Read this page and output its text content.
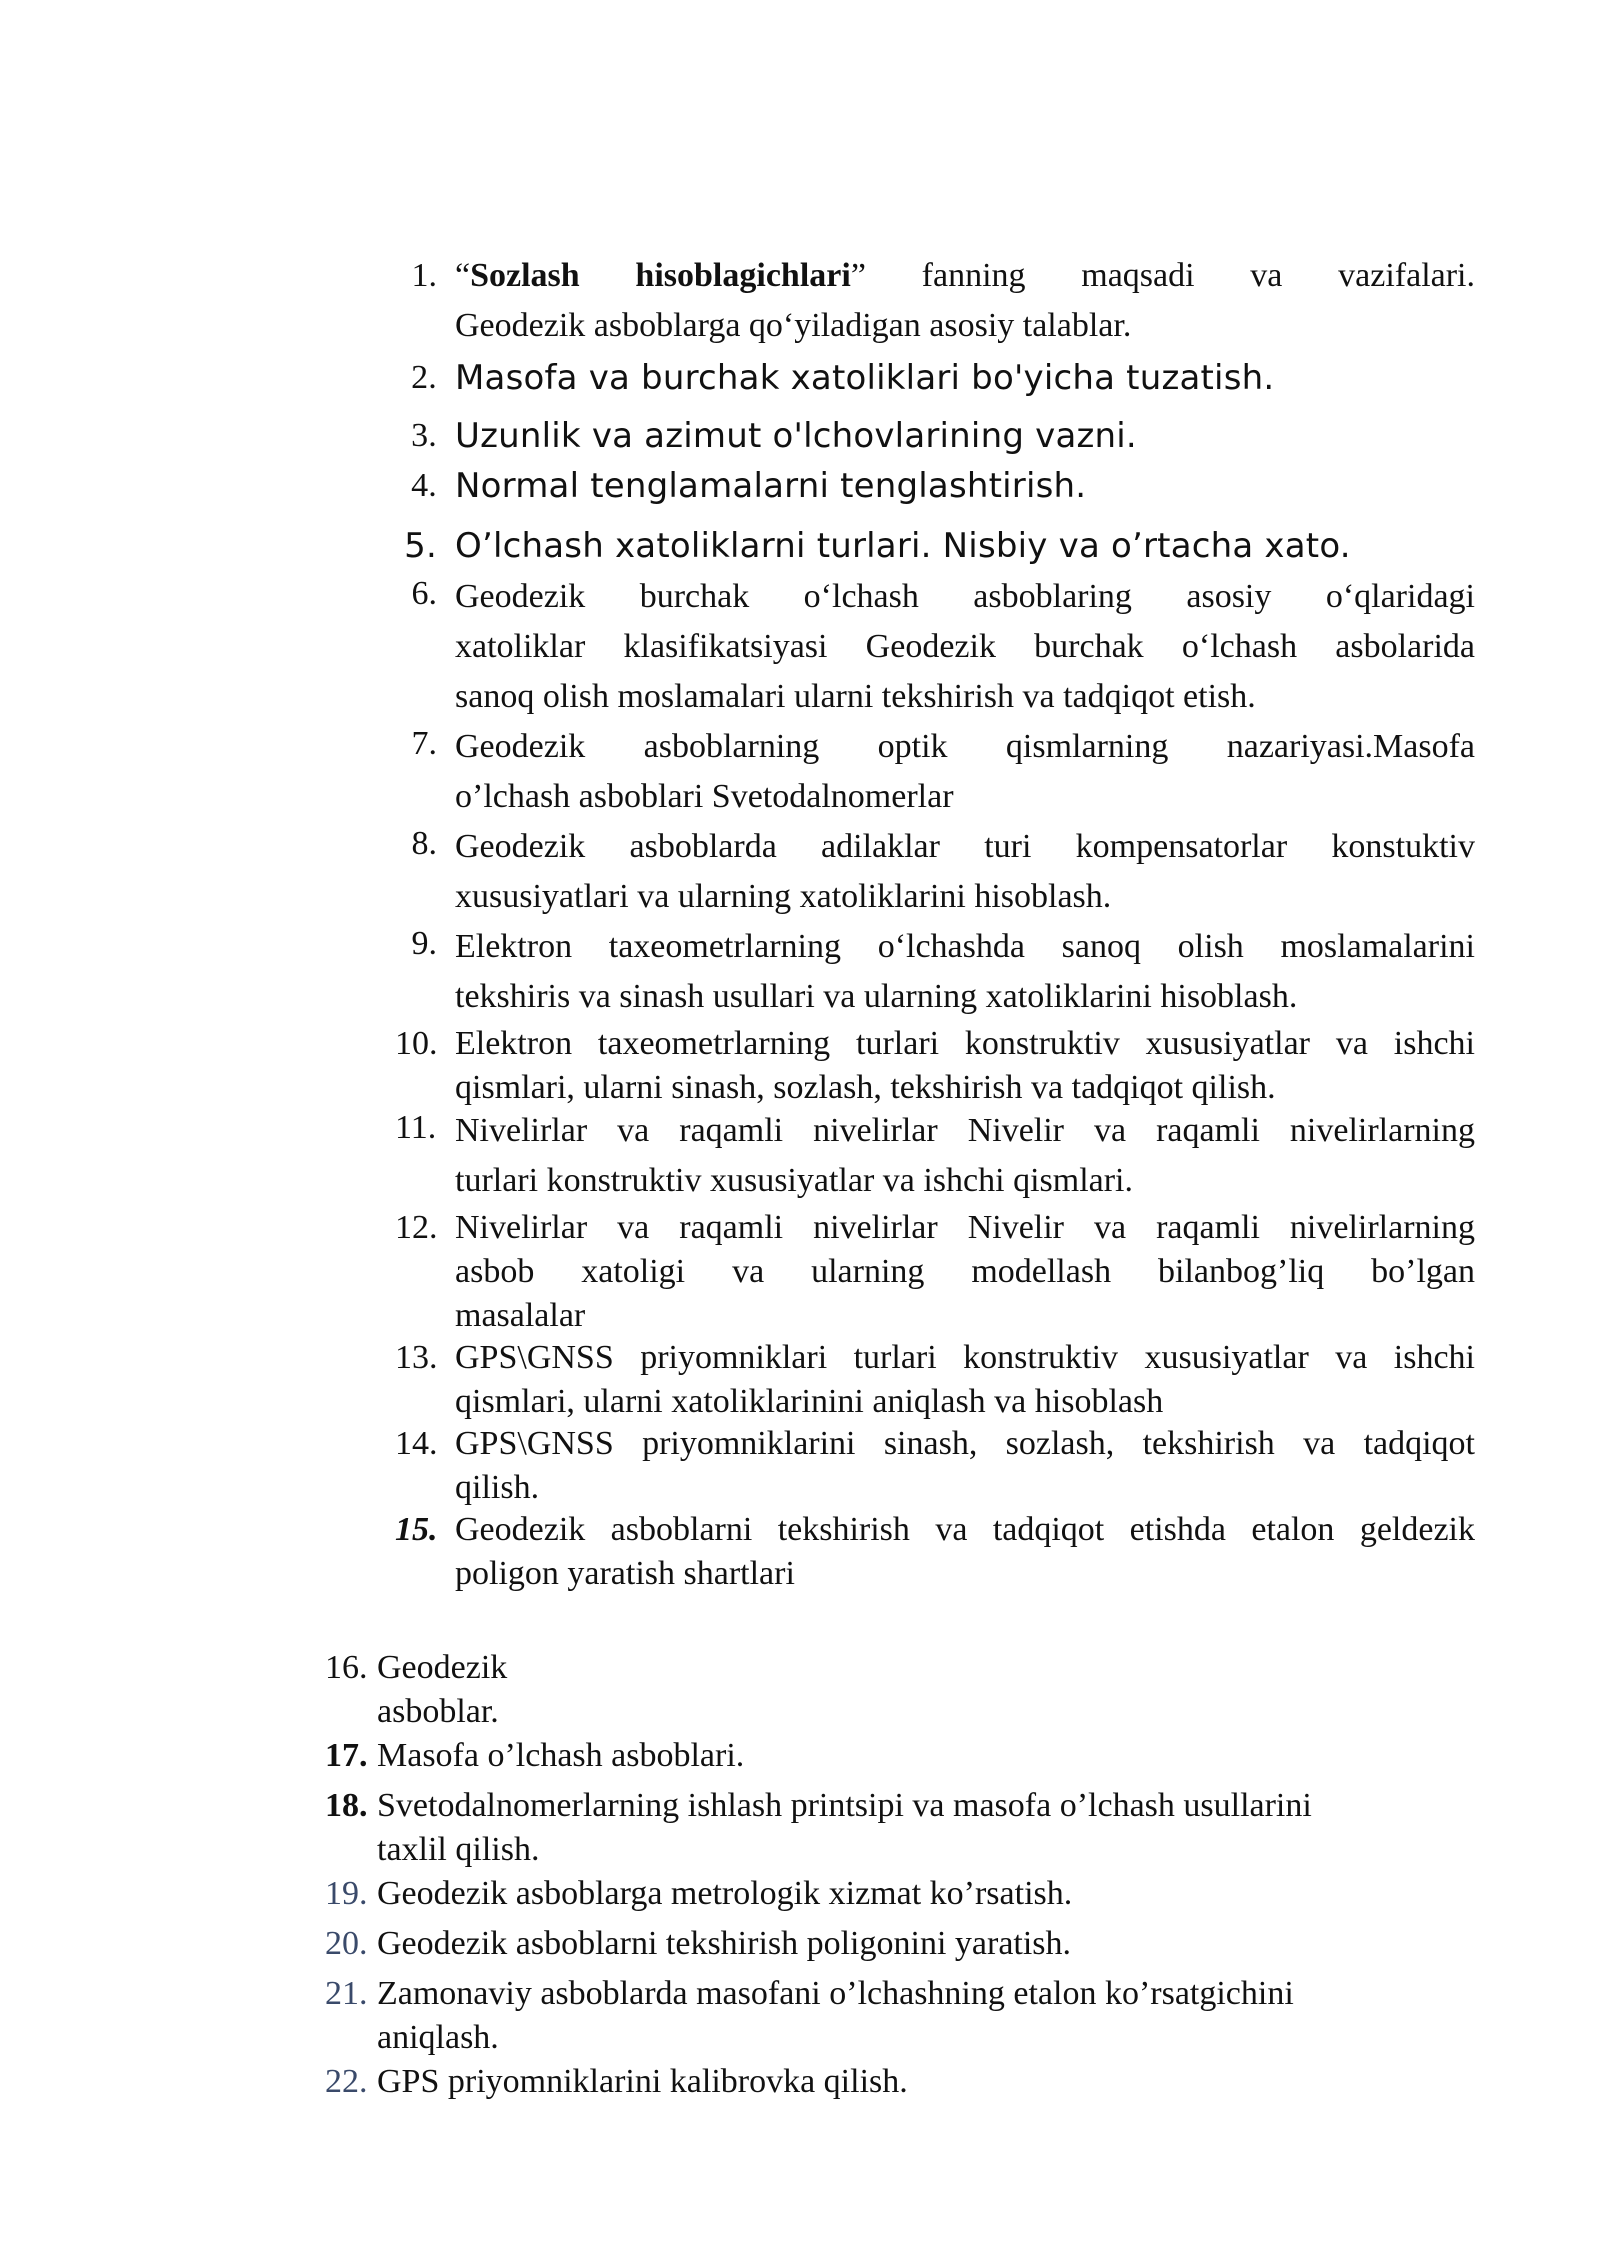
1. “Sozlash hisoblagichlari” fanning maqsadi va vazifalari.
Geodezik asboblarga qo‘yiladigan asosiy talablar.
2. Masofa va burchak xatoliklari bo'yicha tuzatish.
3. Uzunlik va azimut o'lchovlarining vazni.
4. Normal tenglamalarni tenglashtirish.
5. O’lchash xatoliklarni turlari. Nisbiy va o’rtacha xato.
6. Geodezik burchak o‘lchash asboblaring asosiy o‘qlaridagi
xatoliklar klasifikatsiyasi Geodezik burchak o‘lchash asbolarida
sanoq olish moslamalari ularni tekshirish va tadqiqot etish.
7. Geodezik asboblarning optik qismlarning nazariyasi.Masofa
o’lchash asboblari Svetodalnomerlar
8. Geodezik asboblarda adilaklar turi kompensatorlar konstuktiv
xususiyatlari va ularning xatoliklarini hisoblash.
9. Elektron taxeometrlarning o‘lchashda sanoq olish moslamalarini
tekshiris va sinash usullari va ularning xatoliklarini hisoblash.
10. Elektron taxeometrlarning turlari konstruktiv xususiyatlar va ishchi
qismlari, ularni sinash, sozlash, tekshirish va tadqiqot qilish.
11. Nivelirlar va raqamli nivelirlar Nivelir va raqamli nivelirlarning
turlari konstruktiv xususiyatlar va ishchi qismlari.
12. Nivelirlar va raqamli nivelirlar Nivelir va raqamli nivelirlarning
asbob xatoligi va ularning modellash bilanbog’liq bo’lgan
masalalar
13. GPS\GNSS priyomniklari turlari konstruktiv xususiyatlar va ishchi
qismlari, ularni xatoliklarinini aniqlash va hisoblash
14. GPS\GNSS priyomniklarini sinash, sozlash, tekshirish va tadqiqot
qilish.
15. Geodezik asboblarni tekshirish va tadqiqot etishda etalon geldezik
poligon yaratish shartlari
16. Geodezik
asboblar.
17. Masofa o’lchash asboblari.
18. Svetodalnomerlarning ishlash printsipi va masofa o’lchash usullarini
taxlil qilish.
19. Geodezik asboblarga metrologik xizmat ko’rsatish.
20. Geodezik asboblarni tekshirish poligonini yaratish.
21. Zamonaviy asboblarda masofani o’lchashning etalon ko’rsatgichini
aniqlash.
22. GPS priyomniklarini kalibrovka qilish.
